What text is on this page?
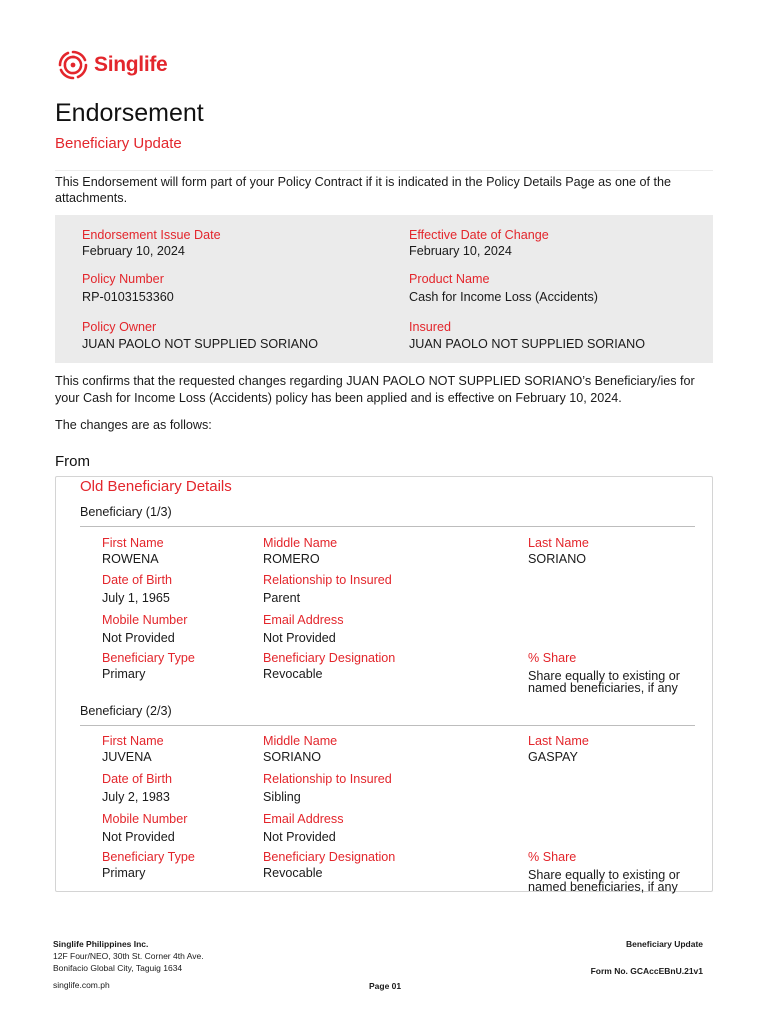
Singlife
Endorsement
Beneficiary Update
This Endorsement will form part of your Policy Contract if it is indicated in the Policy Details Page as one of the attachments.
Endorsement Issue Date
February 10, 2024
Effective Date of Change
February 10, 2024
Policy Number
RP-0103153360
Product Name
Cash for Income Loss (Accidents)
Policy Owner
JUAN PAOLO NOT SUPPLIED SORIANO
Insured
JUAN PAOLO NOT SUPPLIED SORIANO
This confirms that the requested changes regarding JUAN PAOLO NOT SUPPLIED SORIANO’s Beneficiary/ies for your Cash for Income Loss (Accidents) policy has been applied and is effective on February 10, 2024.
The changes are as follows:
From
Old Beneficiary Details
Beneficiary (1/3)
First Name
ROWENA
Middle Name
ROMERO
Last Name
SORIANO
Date of Birth
July 1, 1965
Relationship to Insured
Parent
Mobile Number
Not Provided
Email Address
Not Provided
Beneficiary Type
Primary
Beneficiary Designation
Revocable
% Share
Share equally to existing or named beneficiaries, if any
Beneficiary (2/3)
First Name
JUVENA
Middle Name
SORIANO
Last Name
GASPAY
Date of Birth
July 2, 1983
Relationship to Insured
Sibling
Mobile Number
Not Provided
Email Address
Not Provided
Beneficiary Type
Primary
Beneficiary Designation
Revocable
% Share
Share equally to existing or named beneficiaries, if any
Singlife Philippines Inc.
12F Four/NEO, 30th St. Corner 4th Ave.
Bonifacio Global City, Taguig 1634
singlife.com.ph	Page 01
Beneficiary Update
Form No. GCAccEBnU.21v1
